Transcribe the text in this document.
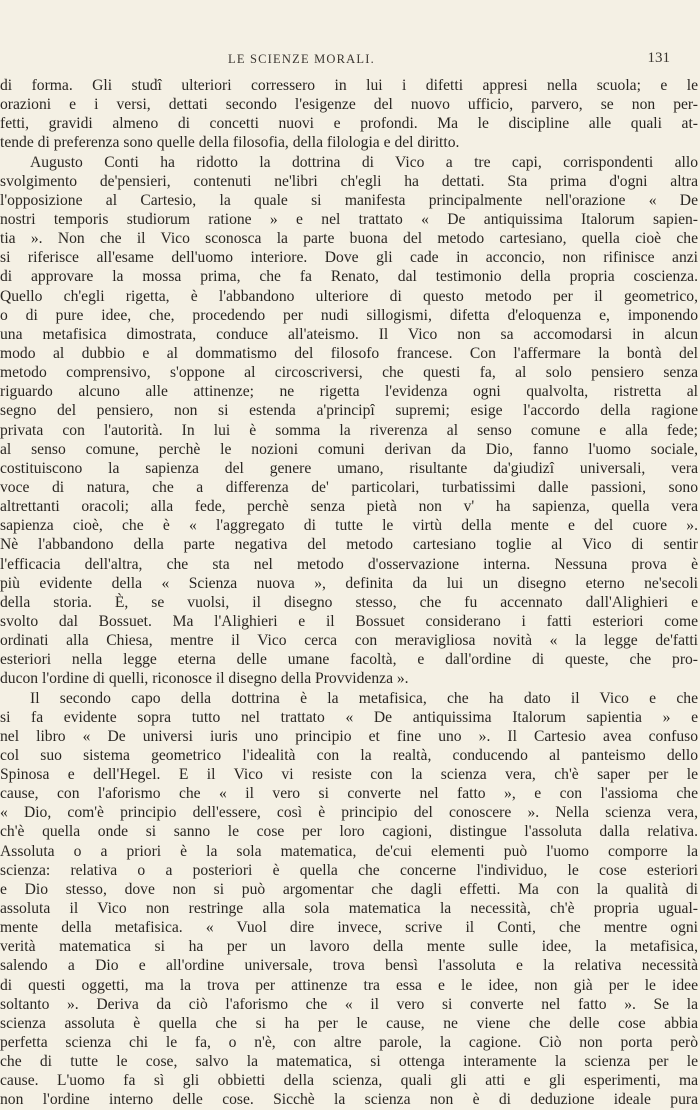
LE SCIENZE MORALI.	131
di forma. Gli studî ulteriori corressero in lui i difetti appresi nella scuola; e le
orazioni e i versi, dettati secondo l'esigenze del nuovo ufficio, parvero, se non per-
fetti, gravidi almeno di concetti nuovi e profondi. Ma le discipline alle quali at-
tende di preferenza sono quelle della filosofia, della filologia e del diritto.
Augusto Conti ha ridotto la dottrina di Vico a tre capi, corrispondenti allo
svolgimento de'pensieri, contenuti ne'libri ch'egli ha dettati. Sta prima d'ogni altra
l'opposizione al Cartesio, la quale si manifesta principalmente nell'orazione « De
nostri temporis studiorum ratione » e nel trattato « De antiquissima Italorum sapien-
tia ». Non che il Vico sconosca la parte buona del metodo cartesiano, quella cioè che
si riferisce all'esame dell'uomo interiore. Dove gli cade in acconcio, non rifinisce anzi
di approvare la mossa prima, che fa Renato, dal testimonio della propria coscienza.
Quello ch'egli rigetta, è l'abbandono ulteriore di questo metodo per il geometrico,
o di pure idee, che, procedendo per nudi sillogismi, difetta d'eloquenza e, imponendo
una metafisica dimostrata, conduce all'ateismo. Il Vico non sa accomodarsi in alcun
modo al dubbio e al dommatismo del filosofo francese. Con l'affermare la bontà del
metodo comprensivo, s'oppone al circoscriversi, che questi fa, al solo pensiero senza
riguardo alcuno alle attinenze; ne rigetta l'evidenza ogni qualvolta, ristretta al
segno del pensiero, non si estenda a'principî supremi; esige l'accordo della ragione
privata con l'autorità. In lui è somma la riverenza al senso comune e alla fede;
al senso comune, perchè le nozioni comuni derivan da Dio, fanno l'uomo sociale,
costituiscono la sapienza del genere umano, risultante da'giudizî universali, vera
voce di natura, che a differenza de' particolari, turbatissimi dalle passioni, sono
altrettanti oracoli; alla fede, perchè senza pietà non v' ha sapienza, quella vera
sapienza cioè, che è « l'aggregato di tutte le virtù della mente e del cuore ».
Nè l'abbandono della parte negativa del metodo cartesiano toglie al Vico di sentir
l'efficacia dell'altra, che sta nel metodo d'osservazione interna. Nessuna prova è
più evidente della « Scienza nuova », definita da lui un disegno eterno ne'secoli
della storia. È, se vuolsi, il disegno stesso, che fu accennato dall'Alighieri e
svolto dal Bossuet. Ma l'Alighieri e il Bossuet considerano i fatti esteriori come
ordinati alla Chiesa, mentre il Vico cerca con meravigliosa novità « la legge de'fatti
esteriori nella legge eterna delle umane facoltà, e dall'ordine di queste, che pro-
ducon l'ordine di quelli, riconosce il disegno della Provvidenza ».
Il secondo capo della dottrina è la metafisica, che ha dato il Vico e che
si fa evidente sopra tutto nel trattato « De antiquissima Italorum sapientia » e
nel libro « De universi iuris uno principio et fine uno ». Il Cartesio avea confuso
col suo sistema geometrico l'idealità con la realtà, conducendo al panteismo dello
Spinosa e dell'Hegel. E il Vico vi resiste con la scienza vera, ch'è saper per le
cause, con l'aforismo che « il vero si converte nel fatto », e con l'assioma che
« Dio, com'è principio dell'essere, così è principio del conoscere ». Nella scienza vera,
ch'è quella onde si sanno le cose per loro cagioni, distingue l'assoluta dalla relativa.
Assoluta o a priori è la sola matematica, de'cui elementi può l'uomo comporre la
scienza: relativa o a posteriori è quella che concerne l'individuo, le cose esteriori
e Dio stesso, dove non si può argomentar che dagli effetti. Ma con la qualità di
assoluta il Vico non restringe alla sola matematica la necessità, ch'è propria ugual-
mente della metafisica. « Vuol dire invece, scrive il Conti, che mentre ogni
verità matematica si ha per un lavoro della mente sulle idee, la metafisica,
salendo a Dio e all'ordine universale, trova bensì l'assoluta e la relativa necessità
di questi oggetti, ma la trova per attinenze tra essa e le idee, non già per le idee
soltanto ». Deriva da ciò l'aforismo che « il vero si converte nel fatto ». Se la
scienza assoluta è quella che si ha per le cause, ne viene che delle cose abbia
perfetta scienza chi le fa, o n'è, con altre parole, la cagione. Ciò non porta però
che di tutte le cose, salvo la matematica, si ottenga interamente la scienza per le
cause. L'uomo fa sì gli obbietti della scienza, quali gli atti e gli esperimenti, ma
non l'ordine interno delle cose. Sicchè la scienza non è di deduzione ideale pura
